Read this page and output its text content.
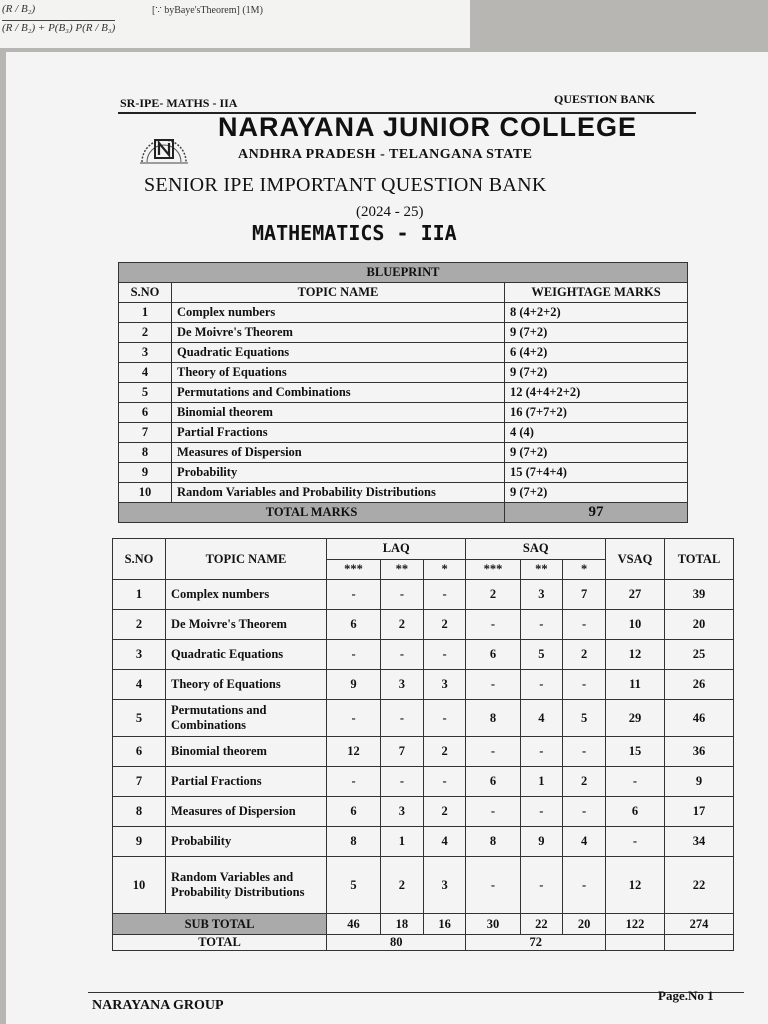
(R / B₂)
(R / B₂) + P(B₃) P(R / B₃)
[∵ byBaye'sTheorem] (1M)
SR-IPE- MATHS - IIA	QUESTION BANK
NARAYANA JUNIOR COLLEGE
ANDHRA PRADESH - TELANGANA STATE
SENIOR IPE IMPORTANT QUESTION BANK
(2024 - 25)
MATHEMATICS - IIA
BLUEPRINT		
S.NO	TOPIC NAME	WEIGHTAGE MARKS
1	Complex numbers	8 (4+2+2)
2	De Moivre's Theorem	9 (7+2)
3	Quadratic Equations	6 (4+2)
4	Theory of Equations	9 (7+2)
5	Permutations and Combinations	12 (4+4+2+2)
6	Binomial theorem	16 (7+7+2)
7	Partial Fractions	4 (4)
8	Measures of Dispersion	9 (7+2)
9	Probability	15 (7+4+4)
10	Random Variables and Probability Distributions	9 (7+2)
TOTAL MARKS		97
S.NO	TOPIC NAME	LAQ			SAQ			VSAQ	TOTAL
		***	**	*	***	**	*		
1	Complex numbers	-	-	-	2	3	7	27	39
2	De Moivre's Theorem	6	2	2	-	-	-	10	20
3	Quadratic Equations	-	-	-	6	5	2	12	25
4	Theory of Equations	9	3	3	-	-	-	11	26
5	Permutations and Combinations	-	-	-	8	4	5	29	46
6	Binomial theorem	12	7	2	-	-	-	15	36
7	Partial Fractions	-	-	-	6	1	2	-	9
8	Measures of Dispersion	6	3	2	-	-	-	6	17
9	Probability	8	1	4	8	9	4	-	34
10	Random Variables and Probability Distributions	5	2	3	-	-	-	12	22
SUB TOTAL		46	18	16	30	22	20	122	274
TOTAL		80			72				
NARAYANA GROUP
Page.No 1
